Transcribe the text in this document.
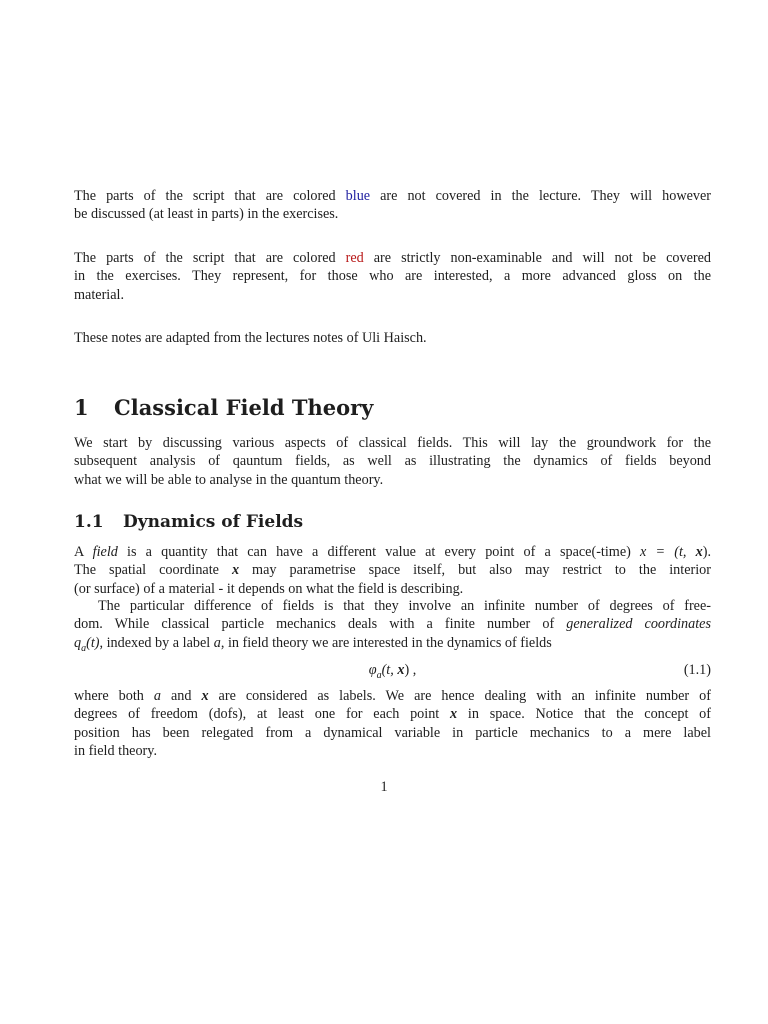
The parts of the script that are colored blue are not covered in the lecture. They will however
be discussed (at least in parts) in the exercises.
The parts of the script that are colored red are strictly non-examinable and will not be covered
in the exercises. They represent, for those who are interested, a more advanced gloss on the
material.
These notes are adapted from the lectures notes of Uli Haisch.
1 Classical Field Theory
We start by discussing various aspects of classical fields. This will lay the groundwork for the
subsequent analysis of qauntum fields, as well as illustrating the dynamics of fields beyond
what we will be able to analyse in the quantum theory.
1.1 Dynamics of Fields
A field is a quantity that can have a different value at every point of a space(-time) x = (t, x).
The spatial coordinate x may parametrise space itself, but also may restrict to the interior
(or surface) of a material - it depends on what the field is describing.
The particular difference of fields is that they involve an infinite number of degrees of free-
dom. While classical particle mechanics deals with a finite number of generalized coordinates
$q_a(t)$, indexed by a label a, in field theory we are interested in the dynamics of fields
$\varphi_a(t$, x) ,	(1.1)
where both a and x are considered as labels. We are hence dealing with an infinite number of
degrees of freedom (dofs), at least one for each point x in space. Notice that the concept of
position has been relegated from a dynamical variable in particle mechanics to a mere label
in field theory.
1
